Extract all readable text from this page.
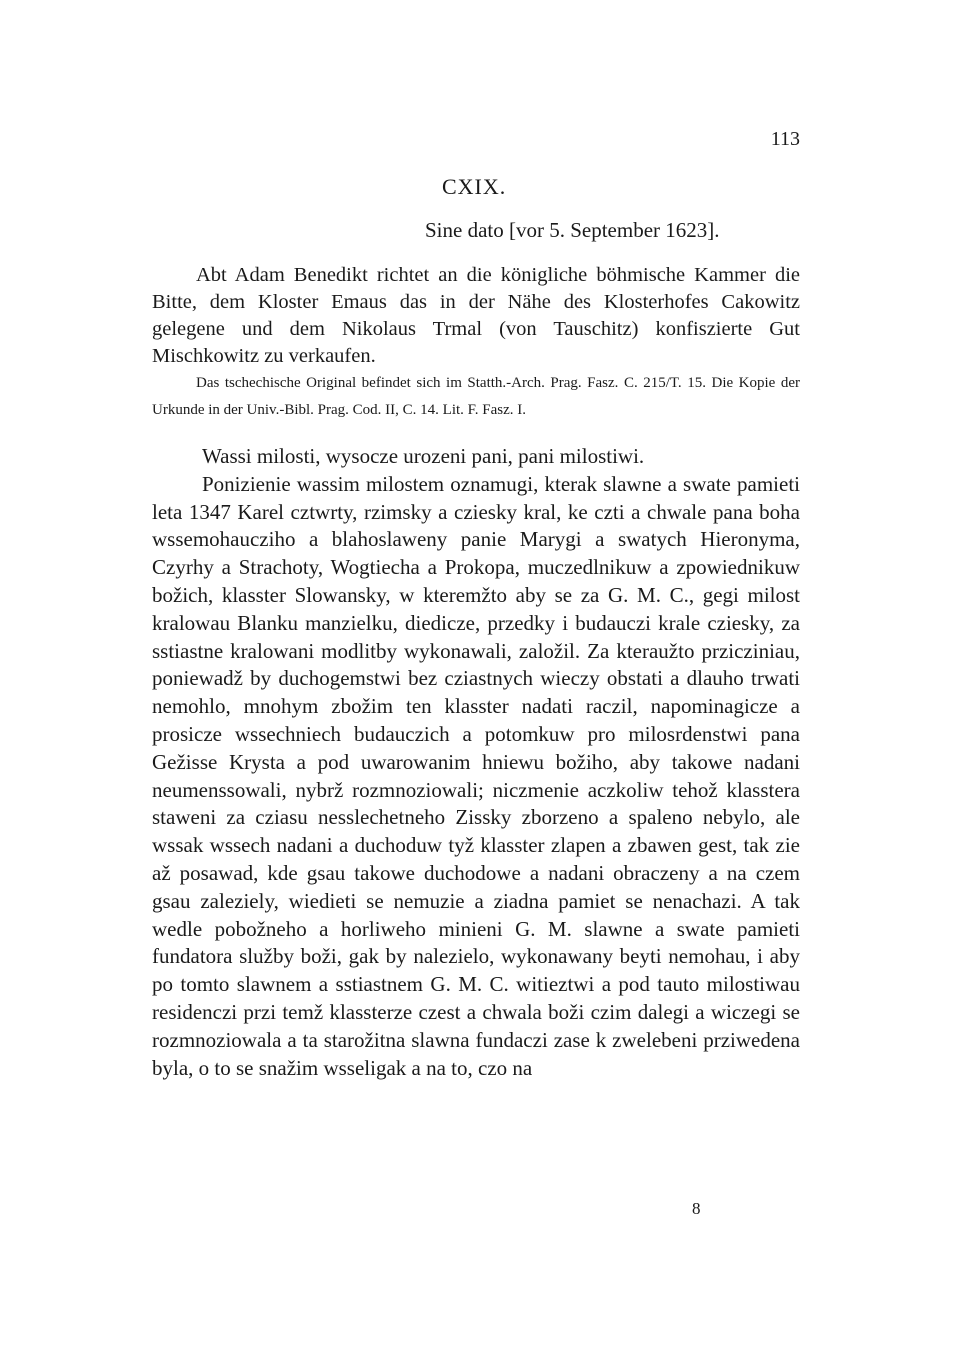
113
CXIX.
Sine dato [vor 5. September 1623].
Abt Adam Benedikt richtet an die königliche böhmische Kammer die Bitte, dem Kloster Emaus das in der Nähe des Klosterhofes Cakowitz gelegene und dem Nikolaus Trmal (von Tauschitz) konfiszierte Gut Mischkowitz zu verkaufen.
Das tschechische Original befindet sich im Statth.-Arch. Prag. Fasz. C. 215/T. 15. Die Kopie der Urkunde in der Univ.-Bibl. Prag. Cod. II, C. 14. Lit. F. Fasz. I.

Wassi milosti, wysocze urozeni pani, pani milostiwi.

Ponizienie wassim milostem oznamugi, kterak slawne a swate pamieti leta 1347 Karel cztwrty, rzimsky a cziesky kral, ke czti a chwale pana boha wssemohaucziho a blahoslaweny panie Marygi a swatych Hieronyma, Czyrhy a Strachoty, Wogtiecha a Prokopa, muczedlnikuw a zpowiednikuw božich, klasster Slowansky, w kteremžto aby se za G. M. C., gegi milost kralowau Blanku manzielku, diedicze, przedky i budauczi krale cziesky, za sstiastne kralowani modlitby wykonawali, založil. Za kteraužto przicziniau, poniewadž by duchogemstwi bez cziastnych wieczy obstati a dlauho trwati nemohlo, mnohym zbožim ten klasster nadati raczil, napominagicze a prosicze wssechniech budauczich a potomkuw pro milosrdenstwi pana Gežisse Krysta a pod uwarowanim hniewu božiho, aby takowe nadani neumenssowali, nybrž rozmnoziowali; niczmenie aczkoliw tehož klasstera staweni za cziasu nesslechetneho Zissky zborzeno a spaleno nebylo, ale wssak wssech nadani a duchoduw tyž klasster zlapen a zbawen gest, tak zie až posawad, kde gsau takowe duchodowe a nadani obraczeny a na czem gsau zaleziely, wiedieti se nemuzie a ziadna pamiet se nenachazi. A tak wedle pobožneho a horliweho minieni G. M. slawne a swate pamieti fundatora služby boži, gak by nalezielo, wykonawany beyti nemohau, i aby po tomto slawnem a sstiastnem G. M. C. witieztwi a pod tauto milostiwau residenczi przi temž klassterze czest a chwala boži czim dalegi a wiczegi se rozmnoziowala a ta starožitna slawna fundaczi zase k zwelebeni prziwedena byla, o to se snažim wsseligak a na to, czo na

8
